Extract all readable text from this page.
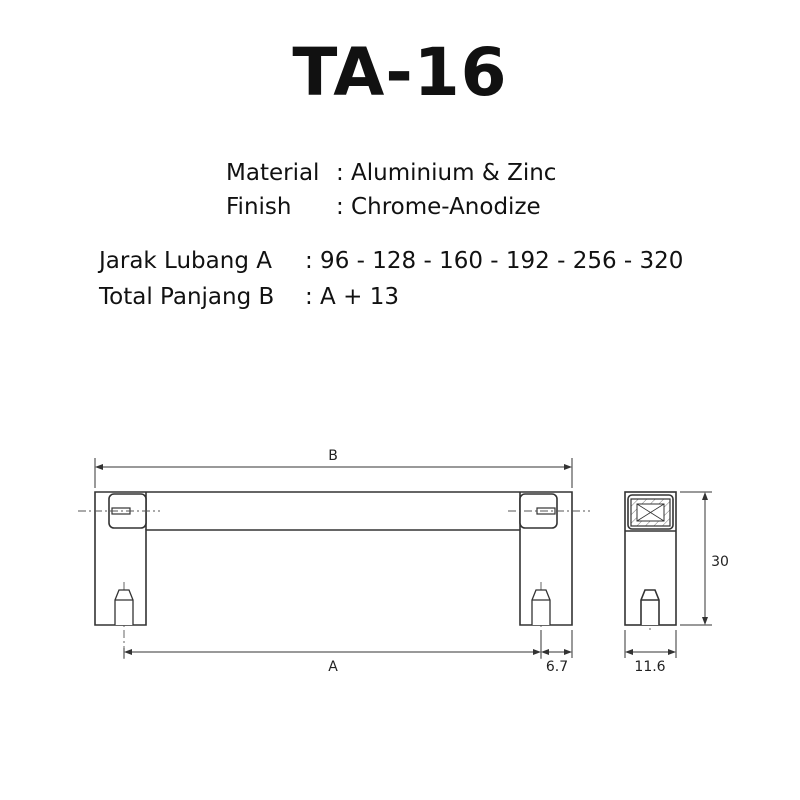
TA-16
Material : Aluminium & Zinc
Finish : Chrome-Anodize
Jarak Lubang A : 96 - 128 - 160 - 192 - 256 - 320
Total Panjang B : A + 13
B
A	6.7	11.6
30
